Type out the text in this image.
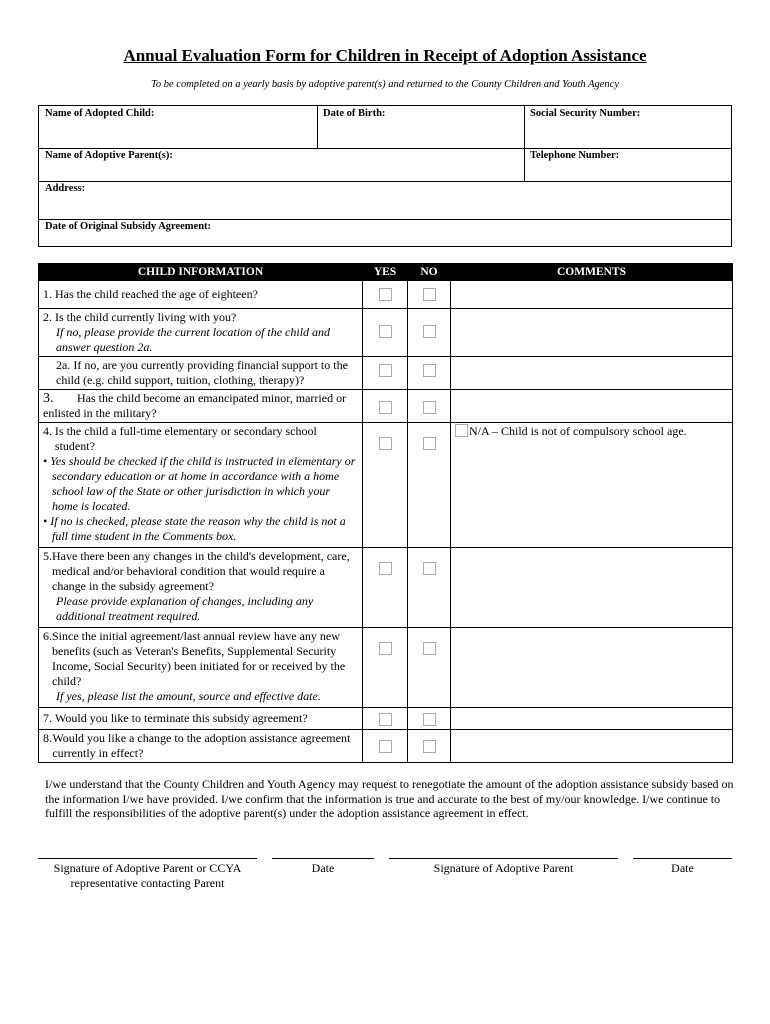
Annual Evaluation Form for Children in Receipt of Adoption Assistance
To be completed on a yearly basis by adoptive parent(s) and returned to the County Children and Youth Agency
Name of Adopted Child:	Date of Birth:	Social Security Number:
Name of Adoptive Parent(s):	Telephone Number:
Address:
Date of Original Subsidy Agreement:
CHILD INFORMATION	YES	NO	COMMENTS
1. Has the child reached the age of eighteen?			

2. Is the child currently living with you?
If no, please provide the current location of the child and answer question 2a.			

2a. If no, are you currently providing financial support to the child (e.g. child support, tuition, clothing, therapy)?			

3. Has the child become an emancipated minor, married or enlisted in the military?			

4. Is the child a full-time elementary or secondary school student?
• Yes should be checked if the child is instructed in elementary or secondary education or at home in accordance with a home school law of the State or other jurisdiction in which your home is located.
• If no is checked, please state the reason why the child is not a full time student in the Comments box.			N/A – Child is not of compulsory school age.

5. Have there been any changes in the child's development, care, medical and/or behavioral condition that would require a change in the subsidy agreement?
Please provide explanation of changes, including any additional treatment required.			

6. Since the initial agreement/last annual review have any new benefits (such as Veteran's Benefits, Supplemental Security Income, Social Security) been initiated for or received by the child?
If yes, please list the amount, source and effective date.			

7. Would you like to terminate this subsidy agreement?			

8. Would you like a change to the adoption assistance agreement currently in effect?			

I/we understand that the County Children and Youth Agency may request to renegotiate the amount of the adoption assistance subsidy based on the information I/we have provided. I/we confirm that the information is true and accurate to the best of my/our knowledge. I/we continue to fulfill the responsibilities of the adoptive parent(s) under the adoption assistance agreement in effect.
Signature of Adoptive Parent or CCYA representative contacting Parent
Date	Signature of Adoptive Parent	Date
